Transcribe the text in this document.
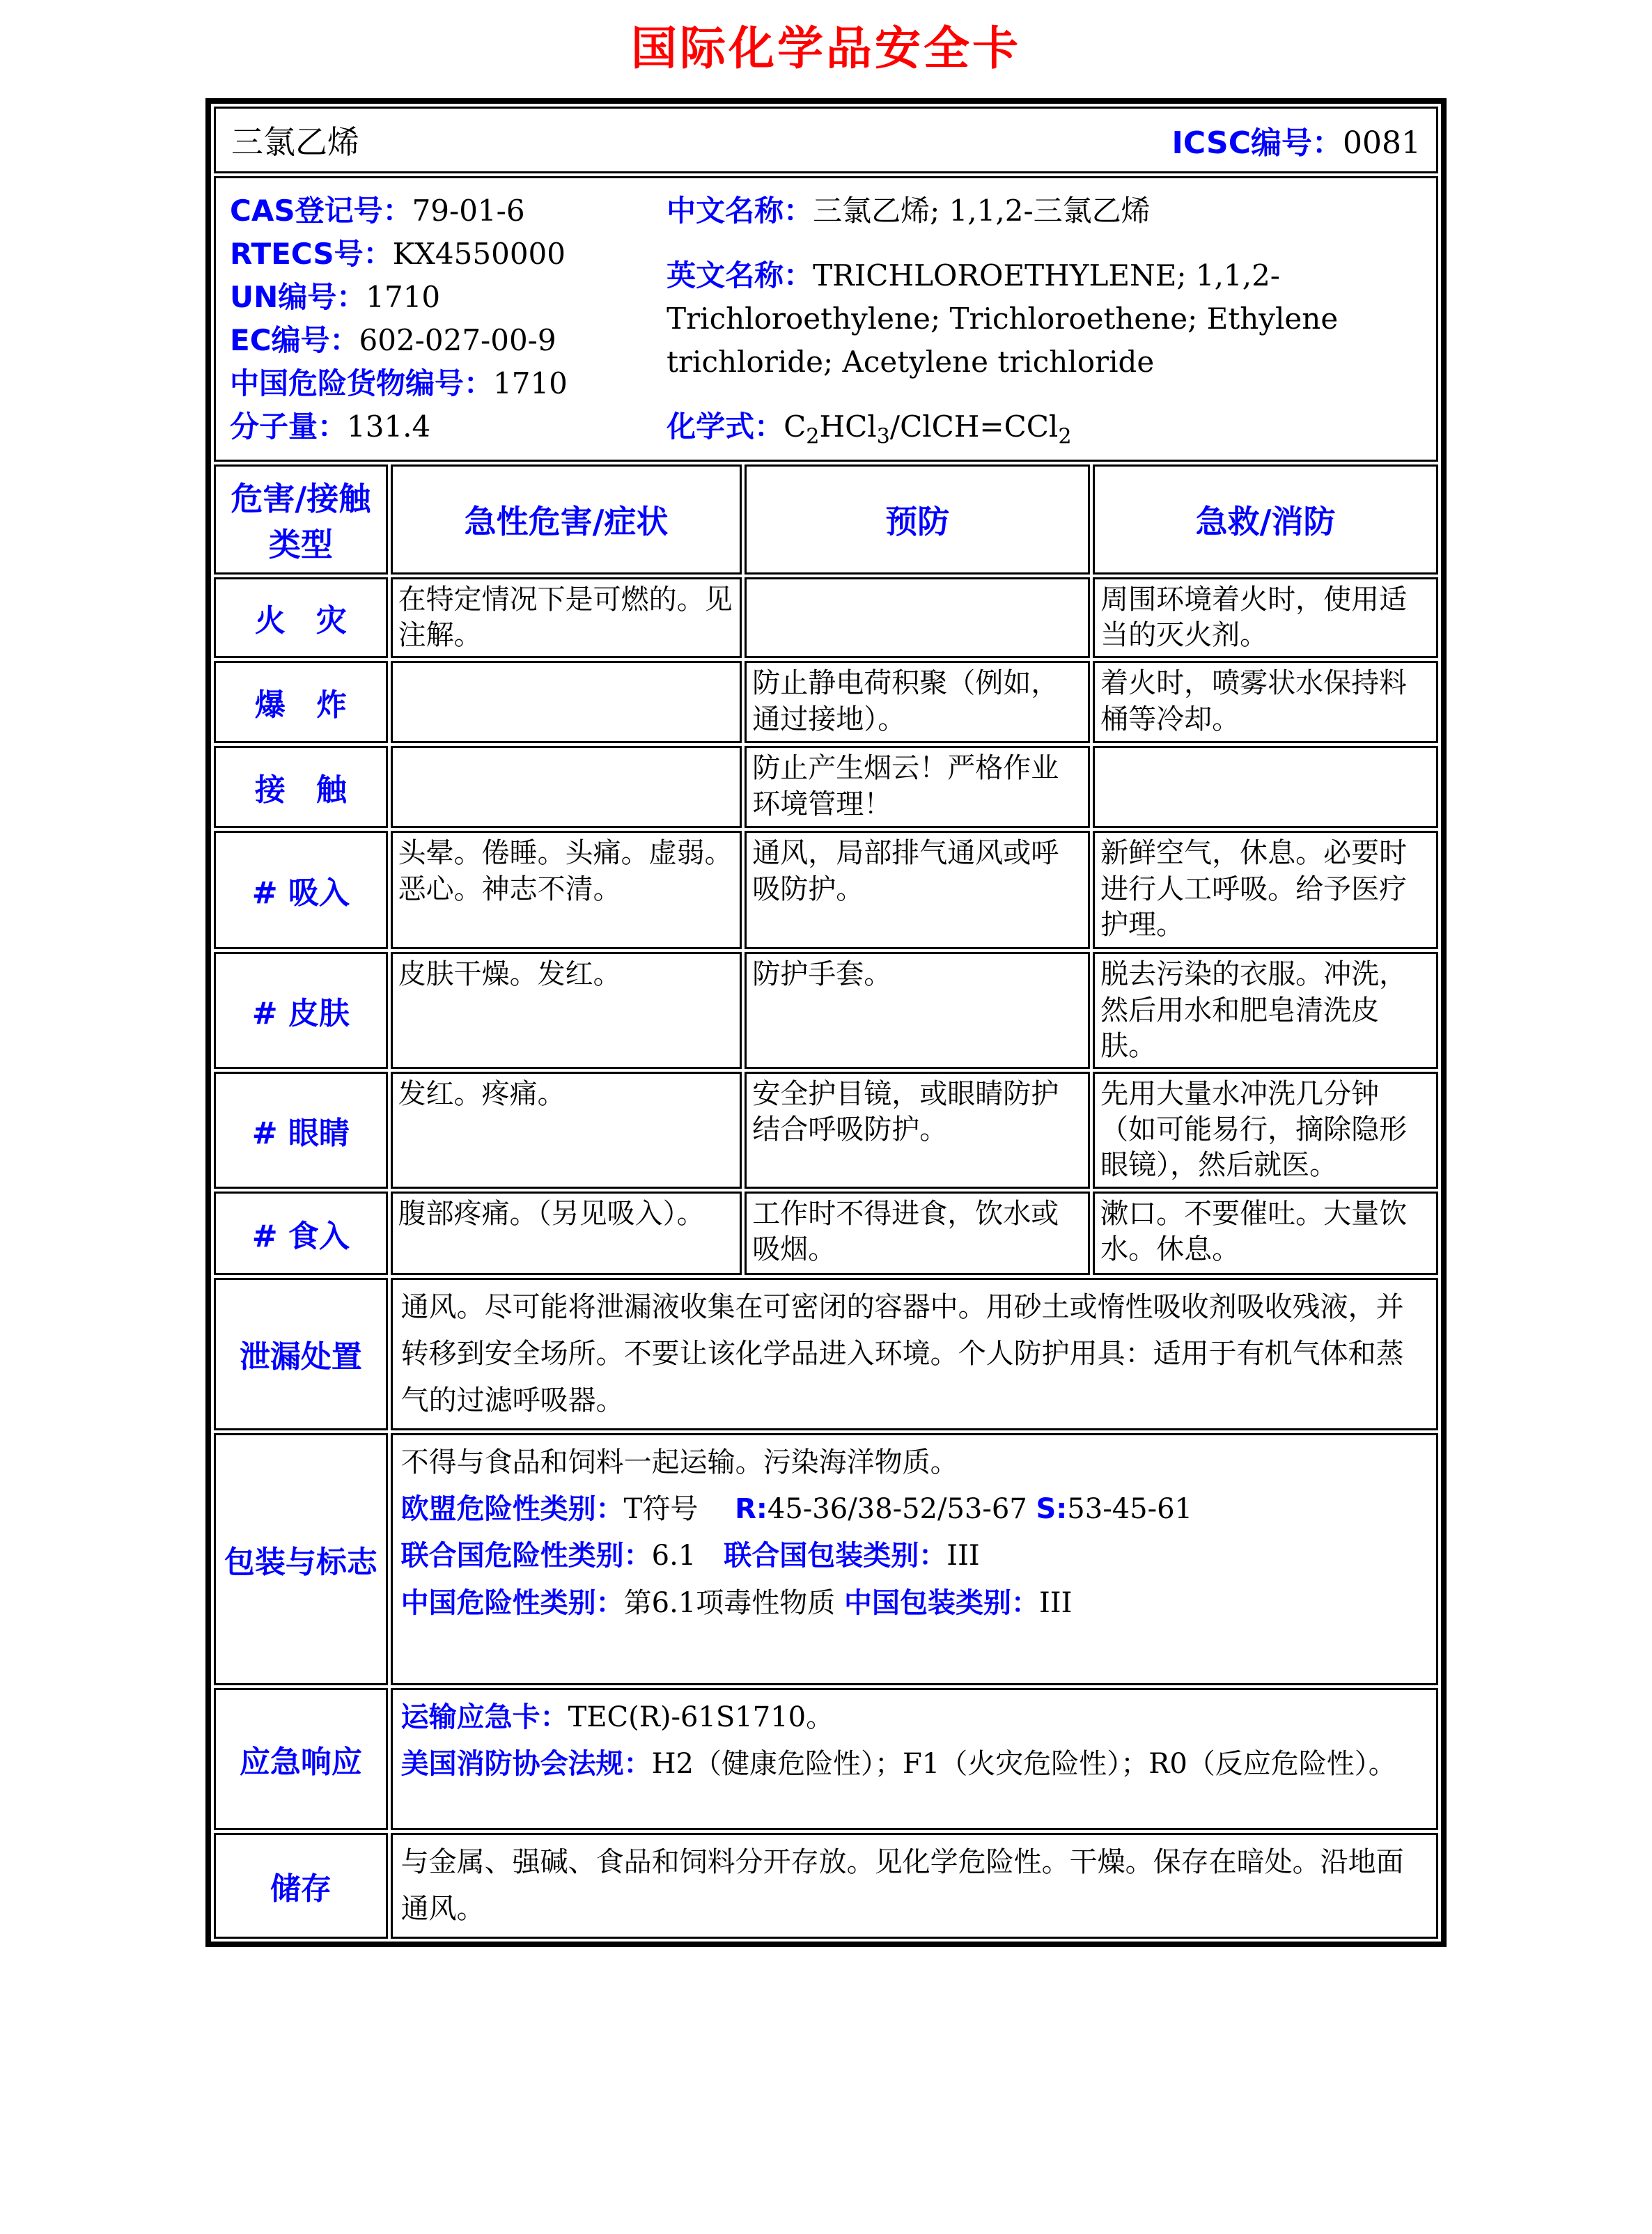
国际化学品安全卡
三氯乙烯 ICSC编号：0081			

CAS登记号：79-01-6
RTECS号：KX4550000
UN编号：1710
EC编号：602-027-00-9
中国危险货物编号：1710
分子量：131.4
中文名称：三氯乙烯; 1,1,2-三氯乙烯
英文名称：TRICHLOROETHYLENE; 1,1,2-Trichloroethylene; Trichloroethene; Ethylene trichloride; Acetylene trichloride
化学式：$C_2HCl_3/ClCH=CCl_2$

危害/接触类型	急性危害/症状	预防	急救/消防
火　灾	在特定情况下是可燃的。见注解。		周围环境着火时，使用适当的灭火剂。
爆　炸		防止静电荷积聚（例如，通过接地）。	着火时，喷雾状水保持料桶等冷却。
接　触		防止产生烟云！严格作业环境管理！	
# 吸入	头晕。倦睡。头痛。虚弱。恶心。神志不清。	通风，局部排气通风或呼吸防护。	新鲜空气，休息。必要时进行人工呼吸。给予医疗护理。
# 皮肤	皮肤干燥。发红。	防护手套。	脱去污染的衣服。冲洗，然后用水和肥皂清洗皮肤。
# 眼睛	发红。疼痛。	安全护目镜，或眼睛防护结合呼吸防护。	先用大量水冲洗几分钟（如可能易行，摘除隐形眼镜），然后就医。
# 食入	腹部疼痛。（另见吸入）。	工作时不得进食，饮水或吸烟。	漱口。不要催吐。大量饮水。休息。
泄漏处置	通风。尽可能将泄漏液收集在可密闭的容器中。用砂土或惰性吸收剂吸收残液，并转移到安全场所。不要让该化学品进入环境。个人防护用具：适用于有机气体和蒸气的过滤呼吸器。		

包装与标志	不得与食品和饲料一起运输。污染海洋物质。
欧盟危险性类别：T符号　 R:45-36/38-52/53-67 S:53-45-61
联合国危险性类别：6.1　联合国包装类别：III
中国危险性类别：第6.1项毒性物质 中国包装类别：III		

应急响应	运输应急卡：TEC(R)-61S1710。
美国消防协会法规：H2（健康危险性）；F1（火灾危险性）；R0（反应危险性）。		

储存	与金属、强碱、食品和饲料分开存放。见化学危险性。干燥。保存在暗处。沿地面通风。		
